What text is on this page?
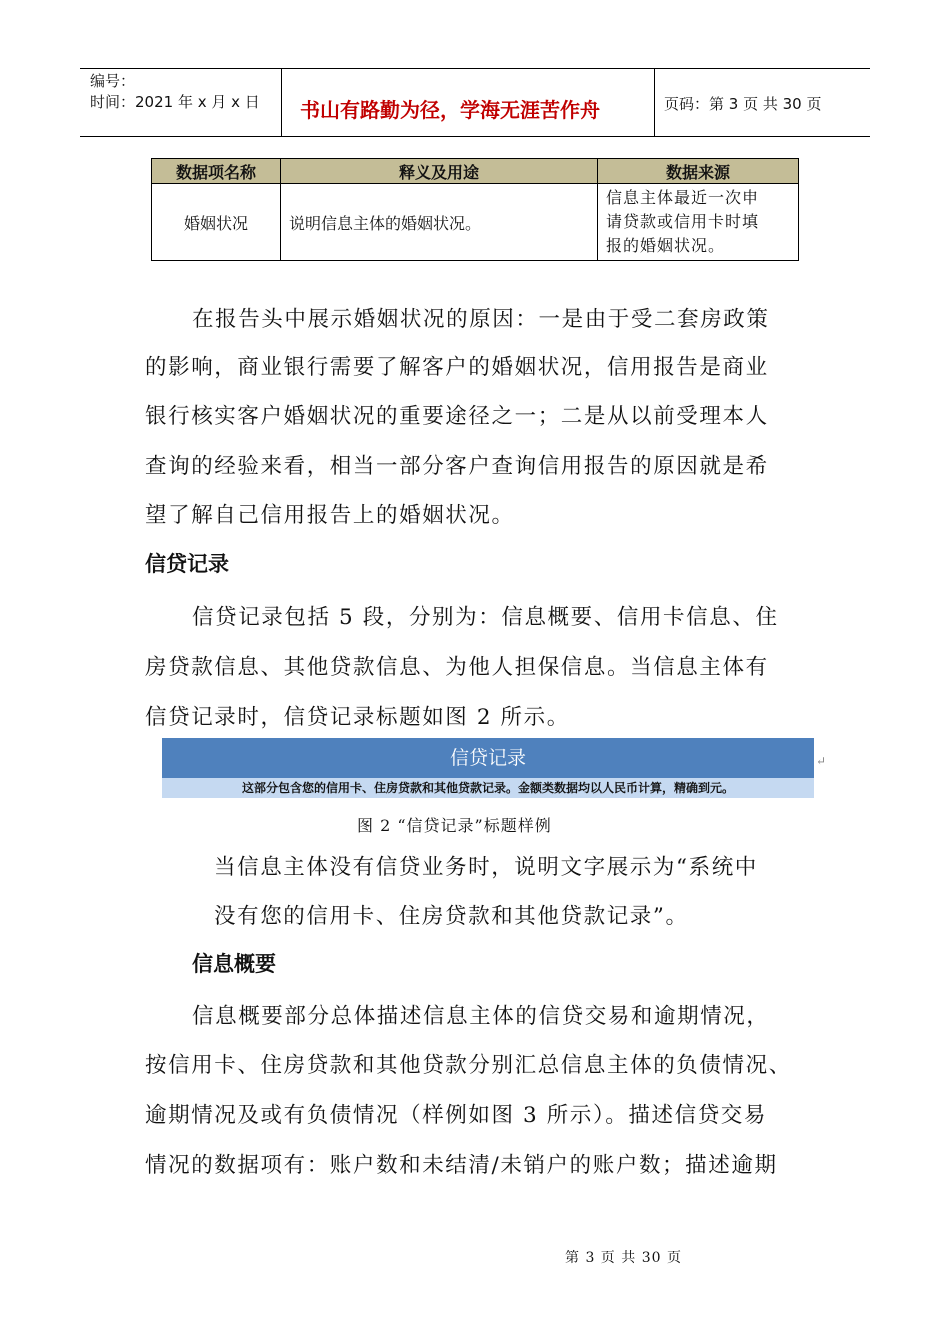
编号：
时间：2021 年 x 月 x 日 书山有路勤为径，学海无涯苦作舟	页码：第 3 页 共 30 页
数据项名称	释义及用途	数据来源
婚姻状况	说明信息主体的婚姻状况。	信息主体最近一次申
请贷款或信用卡时填
报的婚姻状况。
在报告头中展示婚姻状况的原因：一是由于受二套房政策
的影响，商业银行需要了解客户的婚姻状况，信用报告是商业
银行核实客户婚姻状况的重要途径之一；二是从以前受理本人
查询的经验来看，相当一部分客户查询信用报告的原因就是希
望了解自己信用报告上的婚姻状况。
信贷记录
信贷记录包括 5 段，分别为：信息概要、信用卡信息、住
房贷款信息、其他贷款信息、为他人担保信息。当信息主体有
信贷记录时，信贷记录标题如图 2 所示。
信贷记录
这部分包含您的信用卡、住房贷款和其他贷款记录。金额类数据均以人民币计算，精确到元。
↵
图 2 “信贷记录”标题样例
当信息主体没有信贷业务时，说明文字展示为“系统中
没有您的信用卡、住房贷款和其他贷款记录”。
信息概要
信息概要部分总体描述信息主体的信贷交易和逾期情况，
按信用卡、住房贷款和其他贷款分别汇总信息主体的负债情况、
逾期情况及或有负债情况（样例如图 3 所示）。描述信贷交易
情况的数据项有：账户数和未结清/未销户的账户数；描述逾期
第 3 页 共 30 页
